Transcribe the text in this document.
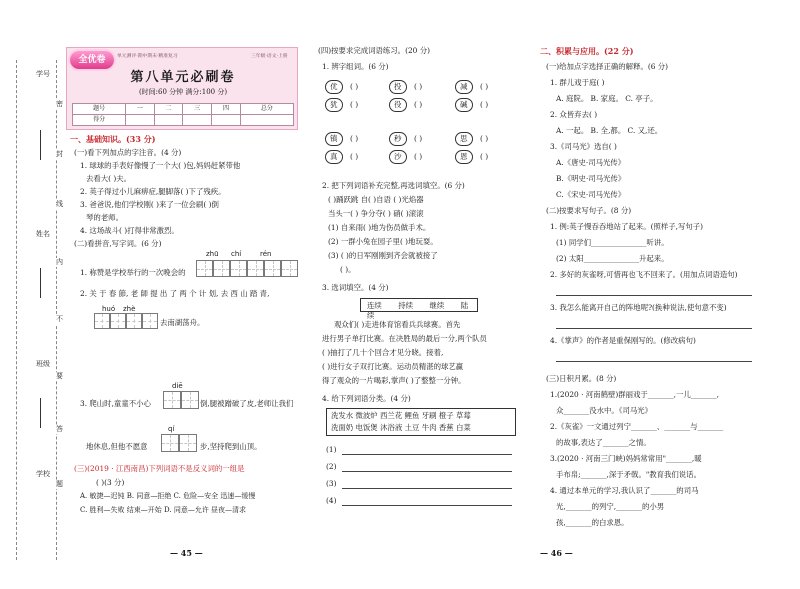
学号
姓名
班级
学校
密
封
线
内
不
要
答
题
全优卷	单元测评·期中期末·精准复习	三年级·语文·上册
第八单元必刷卷
(时间:60 分钟 满分:100 分)
题号	一	二	三	四	总分
得分					
一、基础知识。(33 分)
(一)看下列加点的字注音。(4 分)
1. 球球的手表好像慢了一个大( )包,妈妈赶紧带他
去看大( )夫。
2. 英子得过小儿麻痹症,腿脚落( )下了残疾。
3. 爸爸说,他们学校刚( )来了一位会刷( )倒
琴的老师。
4. 这场战斗( )打得非常激烈。
(二)看拼音,写字词。(6 分)
zhū chí	rén
1. 称赞是学校举行的一次晚会的
2. 关 于 春 節, 老 師 提 出 了 两 个 计 划, 去 西 山 踏 青,
huó zhè
去南湖荡舟。
diē
3. 爬山时,童童不小心	倒,腿被蹭破了皮,老师让我们
qí
地休息,但他不愿意	步,坚持爬到山顶。
(三)(2019 · 江西南昌)下列词语不是反义词的一组是
( )(3 分)
A. 敏捷—迟钝 B. 同意—拒绝 C. 危险—安全 迅速—缓慢
C. 胜利—失败 结束—开始 D. 同意—允许 昼夜—清求
— 45 —
(四)按要求完成词语练习。(20 分)
1. 辨字组词。(6 分)
优	( )
犹	( )
投	( )
役	( )
减	( )
碱	( )
镇	( )
真	( )
秒	( )
沙	( )
思	( )
恩	( )
2. 把下列词语补充完整,再选词填空。(6 分)
( )踊跃跳 自( )自语 ( )光焰器
当头一( ) 争分夺( ) 硝( )滚滚
(1) 自来雨( )地为伤员做手术。
(2) 一群小兔在园子里( )地玩耍。
(3) ( )的日军刚刚到齐会就被接了
( )。
3. 选词填空。(4 分)
连续 持续 继续 陆续
观众们( )走进体育馆看兵兵球赛。首先
进行男子单打比赛。在决胜局的最后一分,两个队员
( )抽打了几十个回合才见分晓。接着,
( )进行女子双打比赛。运动员精湛的球艺赢
得了观众的一片喝彩,掌声( )了整整一分钟。
4. 给下列词语分类。(4 分)
洗发水 微波炉 西兰花 鲤鱼 牙刷 橙子 草莓
洗面奶 电饭煲 沐浴液 土豆 牛肉 香蕉 白菜
(1)
(2)
(3)
(4)
二、积累与应用。(22 分)
(一)给加点字选择正确的解释。(6 分)
1. 群儿戏于庭( )
A. 庭院。 B. 家庭。 C. 亭子。
2. 众皆弃去( )
A. 一起。 B. 全,都。 C. 又,还。
3.《司马光》选自( )
A.《唐史·司马光传》
B.《明史·司马光传》
C.《宋史·司马光传》
(二)按要求写句子。(8 分)
1. 例:英子慢吞吞地站了起来。(照样子,写句子)
(1) 同学们_______________听讲。
(2) 太阳_______________升起来。
2. 多好的灰雀呀,可惜再也飞不回来了。(用加点词语造句)
3. 我怎么能离开自己的阵地呢?(换种说法,使句意不变)
4.《掌声》的作者是重保刚写的。(修改病句)
(三)日积月累。(8 分)
1.(2020 · 河南鹤壁)群丽戏于_______,一儿_______,
众_______没水中。《司马光》
2.《灰雀》一文通过列宁_______、_______与_______
的故事,表达了_______之情。
3.(2020 · 河南三门峡)妈妈常常用"_______,暖
手布帛;_______,深于矛戟。"教育我们说话。
4. 通过本单元的学习,我认识了_______的司马
光,_______的列宁,_______的小男
孩,_______的白求恩。
— 46 —
